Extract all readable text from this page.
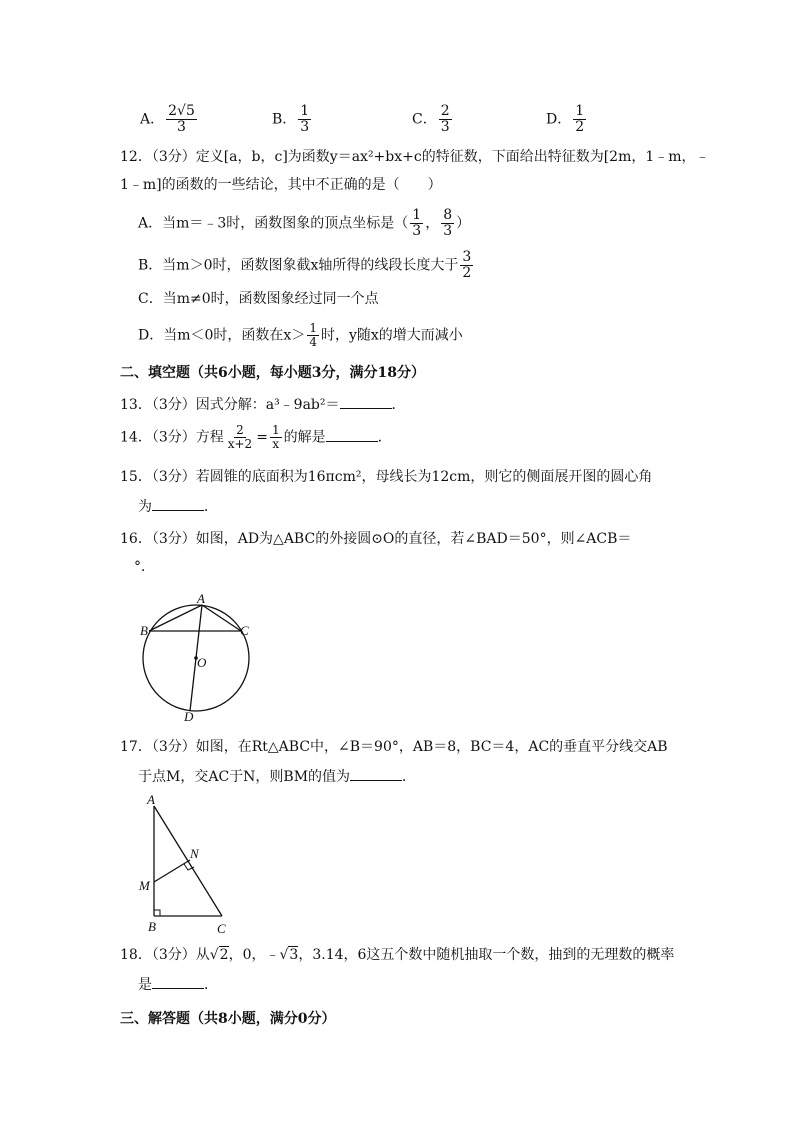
A． $\frac{2√5}{3}$	B． $\frac{1}{3}$	C． $\frac{2}{3}$	D． $\frac{1}{2}$
12．（3分）定义[a，b，c]为函数y＝ax²+bx+c的特征数，下面给出特征数为[2m，1﹣m，﹣
1﹣m]的函数的一些结论，其中不正确的是（　　）
A．当m＝﹣3时，函数图象的顶点坐标是（ $\frac{1}{3}$ ， $\frac{8}{3}$ ）
B．当m＞0时，函数图象截x轴所得的线段长度大于 $\frac{3}{2}$
C．当m≠0时，函数图象经过同一个点
D．当m＜0时，函数在$x> \frac{1}{4}$ 时，y随x的增大而减小
二、填空题（共6小题，每小题3分，满分18分）
13．（3分）因式分解：a³﹣9ab²＝	．
14．（3分）方程 $\frac{2}{x+2} = \frac{1}{x}$ 的解是	．
15．（3分）若圆锥的底面积为16πcm²，母线长为12cm，则它的侧面展开图的圆心角
为	．
16．（3分）如图，AD为△ABC的外接圆⊙O的直径，若∠BAD＝50°，则∠ACB＝
°．
A
B	C
O
D
17．（3分）如图，在Rt△ABC中，∠B＝90°，AB＝8，BC＝4，AC的垂直平分线交AB
于点M，交AC于N，则BM的值为	．
A
N
M
B	C
18．（3分）从√2，0，﹣√3，3.14，6这五个数中随机抽取一个数，抽到的无理数的概率
是	．
三、解答题（共8小题，满分0分）
